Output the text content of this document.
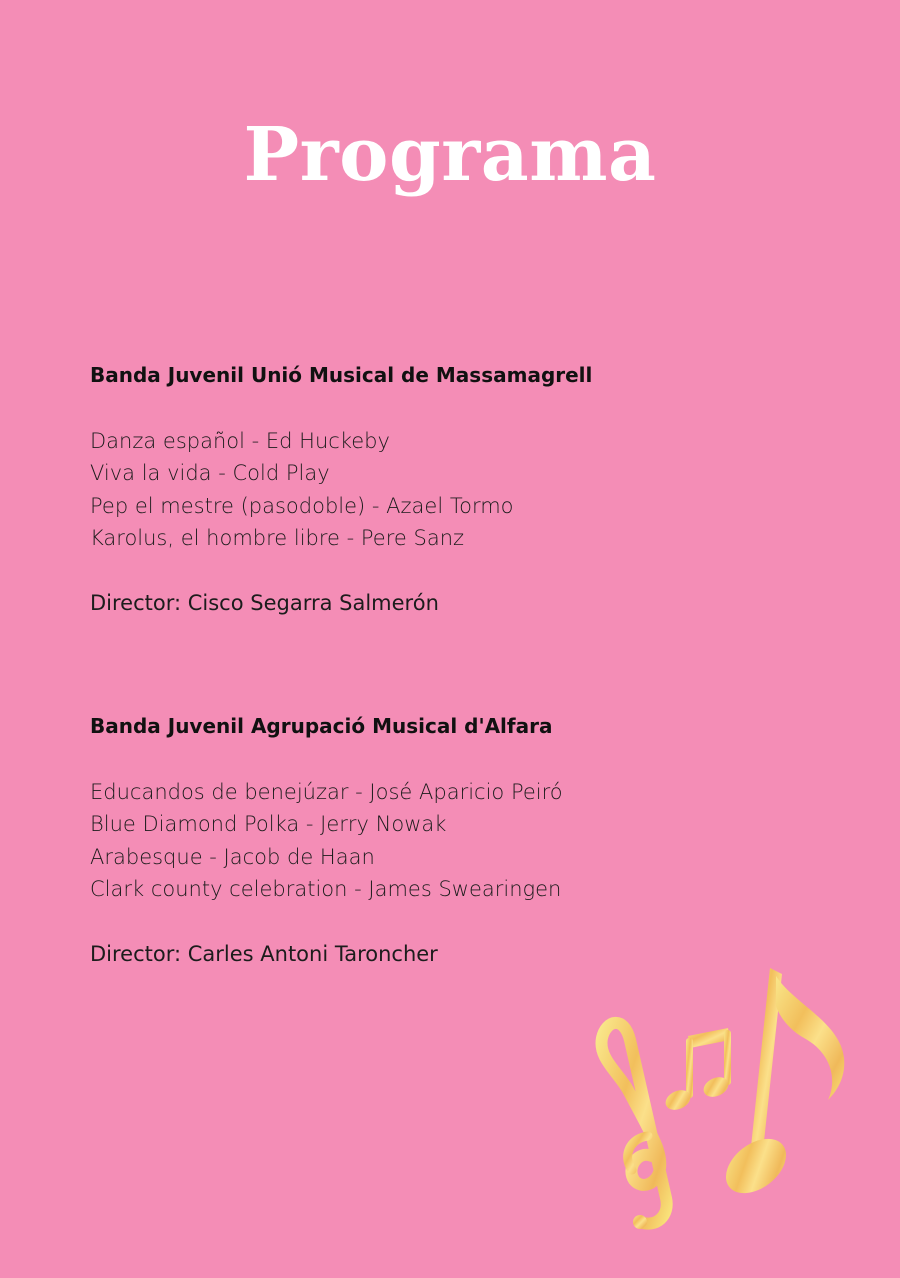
Programa
Banda Juvenil Unió Musical de Massamagrell
Danza español - Ed Huckeby
Viva la vida - Cold Play
Pep el mestre (pasodoble) - Azael Tormo
Karolus, el hombre libre - Pere Sanz

Director: Cisco Segarra Salmerón

Banda Juvenil Agrupació Musical d'Alfara
Educandos de benejúzar - José Aparicio Peiró
Blue Diamond Polka - Jerry Nowak
Arabesque - Jacob de Haan
Clark county celebration - James Swearingen

Director: Carles Antoni Taroncher
